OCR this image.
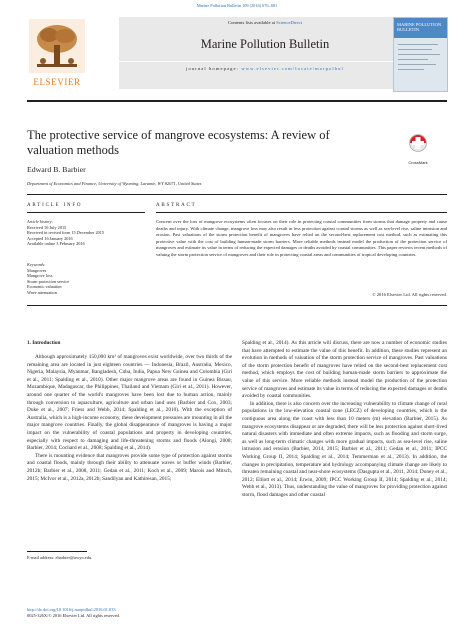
Marine Pollution Bulletin 109 (2016) 676–681
ELSEVIER
Contents lists available at ScienceDirect
Marine Pollution Bulletin
journal homepage: www.elsevier.com/locate/marpolbul
MARINE POLLUTION BULLETIN
The protective service of mangrove ecosystems: A review of valuation methods
CrossMark
Edward B. Barbier
Department of Economics and Finance, University of Wyoming, Laramie, WY 82071, United States
ARTICLE INFO	ABSTRACT
Article history:
Received 16 July 2015
Received in revised form 15 December 2015
Accepted 16 January 2016
Available online 3 February 2016
Keywords:
Mangroves
Mangrove loss
Storm protection service
Economic valuation
Wave attenuation
Concern over the loss of mangrove ecosystems often focuses on their role in protecting coastal communities from storms that damage property and cause deaths and injury. With climate change, mangrove loss may also result in less protection against coastal storms as well as sea-level rise, saline intrusion and erosion. Past valuations of the storm protection benefit of mangroves have relied on the second-best replacement cost method, such as estimating this protective value with the cost of building human-made storm barriers. More reliable methods instead model the production of the protection service of mangroves and estimate its value in terms of reducing the expected damages or deaths avoided by coastal communities. This paper reviews recent methods of valuing the storm protection service of mangroves and their role in protecting coastal areas and communities of tropical developing countries.
© 2016 Elsevier Ltd. All rights reserved.
1. Introduction

Although approximately 150,000 km² of mangroves exist worldwide, over two thirds of the remaining area are located in just eighteen countries — Indonesia, Brazil, Australia, Mexico, Nigeria, Malaysia, Myanmar, Bangladesh, Cuba, India, Papua New Guinea and Colombia (Giri et al., 2011; Spalding et al., 2010). Other major mangrove areas are found in Guinea Bissau, Mozambique, Madagascar, the Philippines, Thailand and Vietnam (Giri et al., 2011). However, around one quarter of the world's mangroves have been lost due to human action, mainly through conversion to aquaculture, agriculture and urban land uses (Barbier and Cox, 2003; Duke et al., 2007; Friess and Webb, 2014; Spalding et al., 2010). With the exception of Australia, which is a high-income economy, these development pressures are mounting in all the major mangrove countries. Finally, the global disappearance of mangroves is having a major impact on the vulnerability of coastal populations and property in developing countries, especially with respect to damaging and life-threatening storms and floods (Alongi, 2008; Barbier, 2014; Cochard et al., 2008; Spalding et al., 2014).

There is mounting evidence that mangroves provide some type of protection against storms and coastal floods, mainly through their ability to attenuate waves or buffer winds (Barbier, 2012b; Barbier et al., 2008, 2011; Gedan et al., 2011; Koch et al., 2009; Marois and Mitsch, 2015; McIvor et al., 2012a, 2012b; Sandilyan and Kathiresan, 2015;

Spalding et al., 2014). As this article will discuss, there are now a number of economic studies that have attempted to estimate the value of this benefit. In addition, these studies represent an evolution in methods of valuation of the storm protection service of mangroves. Past valuations of the storm protection benefit of mangroves have relied on the second-best replacement cost method, which employs the cost of building human-made storm barriers to approximate the value of this service. More reliable methods instead model the production of the protection service of mangroves and estimate its value in terms of reducing the expected damages or deaths avoided by coastal communities.

In addition, there is also concern over the increasing vulnerability to climate change of rural populations in the low-elevation coastal zone (LECZ) of developing countries, which is the contiguous area along the coast with less than 10 meters (m) elevation (Barbier, 2015). As mangrove ecosystems disappear or are degraded, there will be less protection against short-lived natural disasters with immediate and often extreme impacts, such as flooding and storm surge, as well as long-term climatic changes with more gradual impacts, such as sea-level rise, saline intrusion and erosion (Barbier, 2014, 2015; Barbier et al., 2011; Gedan et al., 2011; IPCC Working Group II, 2014; Spalding et al., 2014; Temmerman et al., 2013). In addition, the changes in precipitation, temperature and hydrology accompanying climate change are likely to threaten remaining coastal and near-shore ecosystems (Dasgupta et al., 2011, 2014; Doney et al., 2012; Elliott et al., 2014; Erwin, 2009; IPCC Working Group II, 2014; Spalding et al., 2014; Webb et al., 2013). Thus, understanding the value of mangroves for providing protection against storm, flood damages and other coastal

E-mail address: ebarbier@uwyo.edu.
http://dx.doi.org/10.1016/j.marpolbul.2016.01.033
0025-326X/© 2016 Elsevier Ltd. All rights reserved.
